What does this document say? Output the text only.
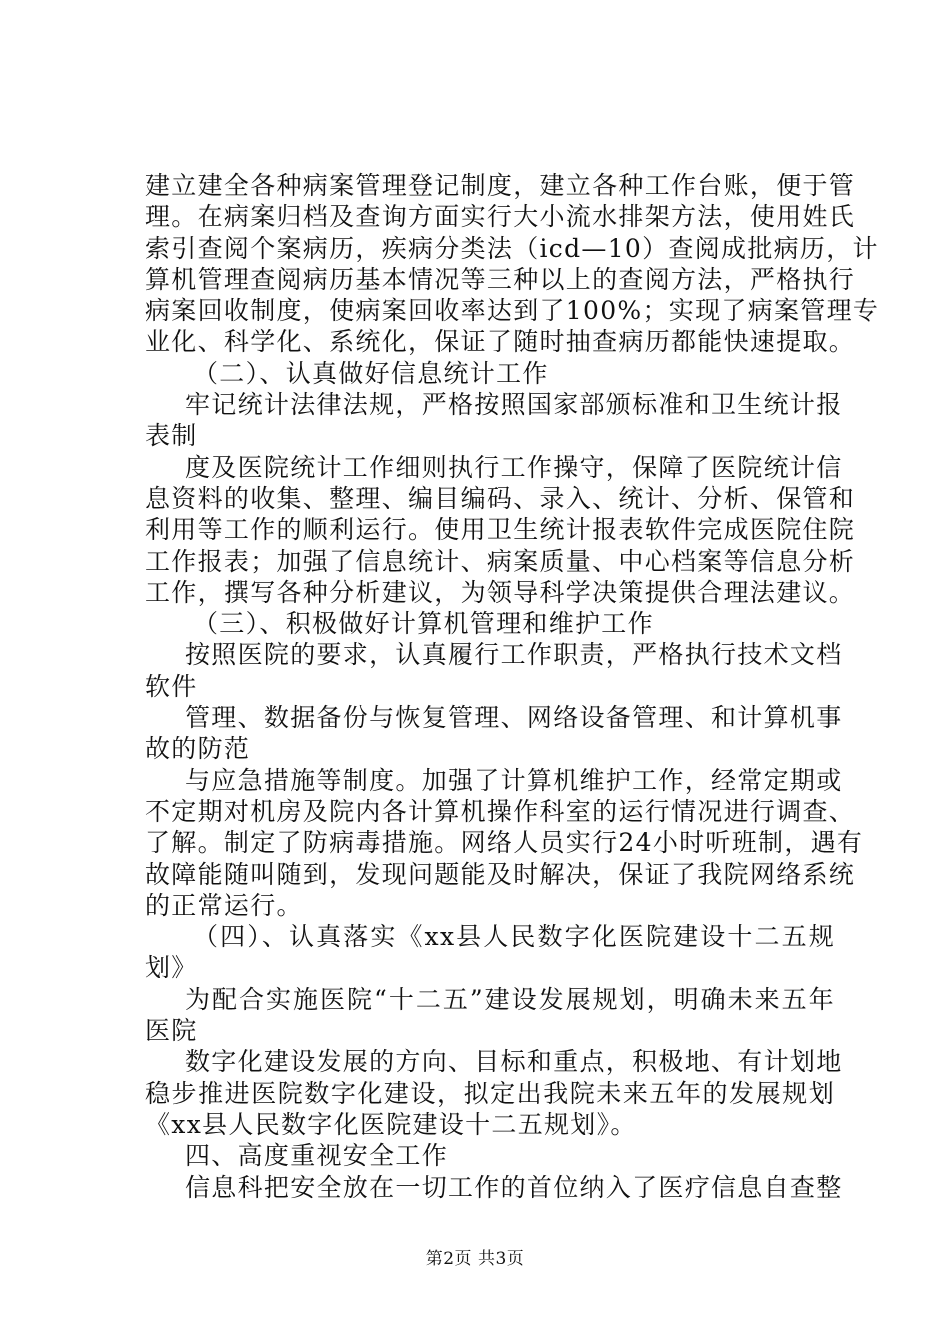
建立建全各种病案管理登记制度，建立各种工作台账，便于管
理。在病案归档及查询方面实行大小流水排架方法，使用姓氏
索引查阅个案病历，疾病分类法（icd—10）查阅成批病历，计
算机管理查阅病历基本情况等三种以上的查阅方法，严格执行
病案回收制度，使病案回收率达到了100%；实现了病案管理专
业化、科学化、系统化，保证了随时抽查病历都能快速提取。
（二）、认真做好信息统计工作
牢记统计法律法规，严格按照国家部颁标准和卫生统计报
表制
度及医院统计工作细则执行工作操守，保障了医院统计信
息资料的收集、整理、编目编码、录入、统计、分析、保管和
利用等工作的顺利运行。使用卫生统计报表软件完成医院住院
工作报表；加强了信息统计、病案质量、中心档案等信息分析
工作，撰写各种分析建议，为领导科学决策提供合理法建议。
（三）、积极做好计算机管理和维护工作
按照医院的要求，认真履行工作职责，严格执行技术文档
软件
管理、数据备份与恢复管理、网络设备管理、和计算机事
故的防范
与应急措施等制度。加强了计算机维护工作，经常定期或
不定期对机房及院内各计算机操作科室的运行情况进行调查、
了解。制定了防病毒措施。网络人员实行24小时听班制，遇有
故障能随叫随到，发现问题能及时解决，保证了我院网络系统
的正常运行。
（四）、认真落实《xx县人民数字化医院建设十二五规
划》
为配合实施医院“十二五”建设发展规划，明确未来五年
医院
数字化建设发展的方向、目标和重点，积极地、有计划地
稳步推进医院数字化建设，拟定出我院未来五年的发展规划
《xx县人民数字化医院建设十二五规划》。
四、高度重视安全工作
信息科把安全放在一切工作的首位纳入了医疗信息自查整
第2页 共3页
